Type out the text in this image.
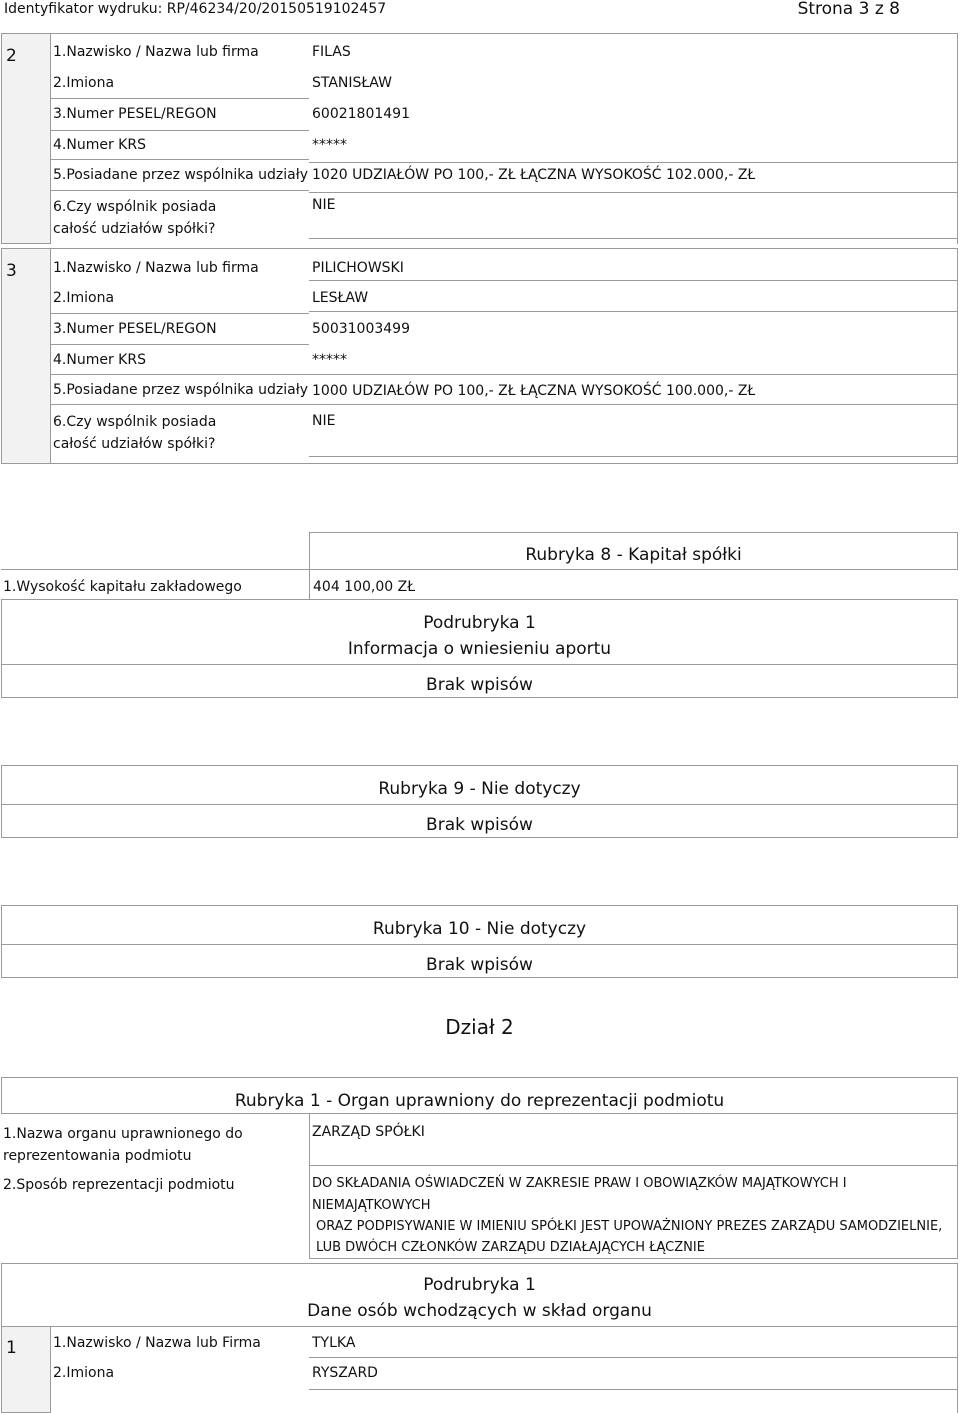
Identyfikator wydruku: RP/46234/20/20150519102457	Strona 3 z 8
2	1.Nazwisko / Nazwa lub firma	FILAS
2.Imiona	STANISŁAW
3.Numer PESEL/REGON	60021801491
4.Numer KRS	*****
5.Posiadane przez wspólnika udziały 1020 UDZIAŁÓW PO 100,- ZŁ ŁĄCZNA WYSOKOŚĆ 102.000,- ZŁ
6.Czy wspólnik posiada całość udziałów spółki?
NIE
3	1.Nazwisko / Nazwa lub firma	PILICHOWSKI
2.Imiona	LESŁAW
3.Numer PESEL/REGON	50031003499
4.Numer KRS	*****
5.Posiadane przez wspólnika udziały 1000 UDZIAŁÓW PO 100,- ZŁ ŁĄCZNA WYSOKOŚĆ 100.000,- ZŁ
6.Czy wspólnik posiada całość udziałów spółki?
NIE
Rubryka 8 - Kapitał spółki
1.Wysokość kapitału zakładowego	404 100,00 ZŁ
Podrubryka 1
Informacja o wniesieniu aportu
Brak wpisów
Rubryka 9 - Nie dotyczy
Brak wpisów
Rubryka 10 - Nie dotyczy
Brak wpisów
Dział 2
Rubryka 1 - Organ uprawniony do reprezentacji podmiotu
1.Nazwa organu uprawnionego do reprezentowania podmiotu
ZARZĄD SPÓŁKI
2.Sposób reprezentacji podmiotu	DO SKŁADANIA OŚWIADCZEŃ W ZAKRESIE PRAW I OBOWIĄZKÓW MAJĄTKOWYCH I
NIEMAJĄTKOWYCH
ORAZ PODPISYWANIE W IMIENIU SPÓŁKI JEST UPOWAŻNIONY PREZES ZARZĄDU SAMODZIELNIE,
LUB DWÓCH CZŁONKÓW ZARZĄDU DZIAŁAJĄCYCH ŁĄCZNIE
Podrubryka 1
Dane osób wchodzących w skład organu
1	1.Nazwisko / Nazwa lub Firma	TYLKA
2.Imiona	RYSZARD
